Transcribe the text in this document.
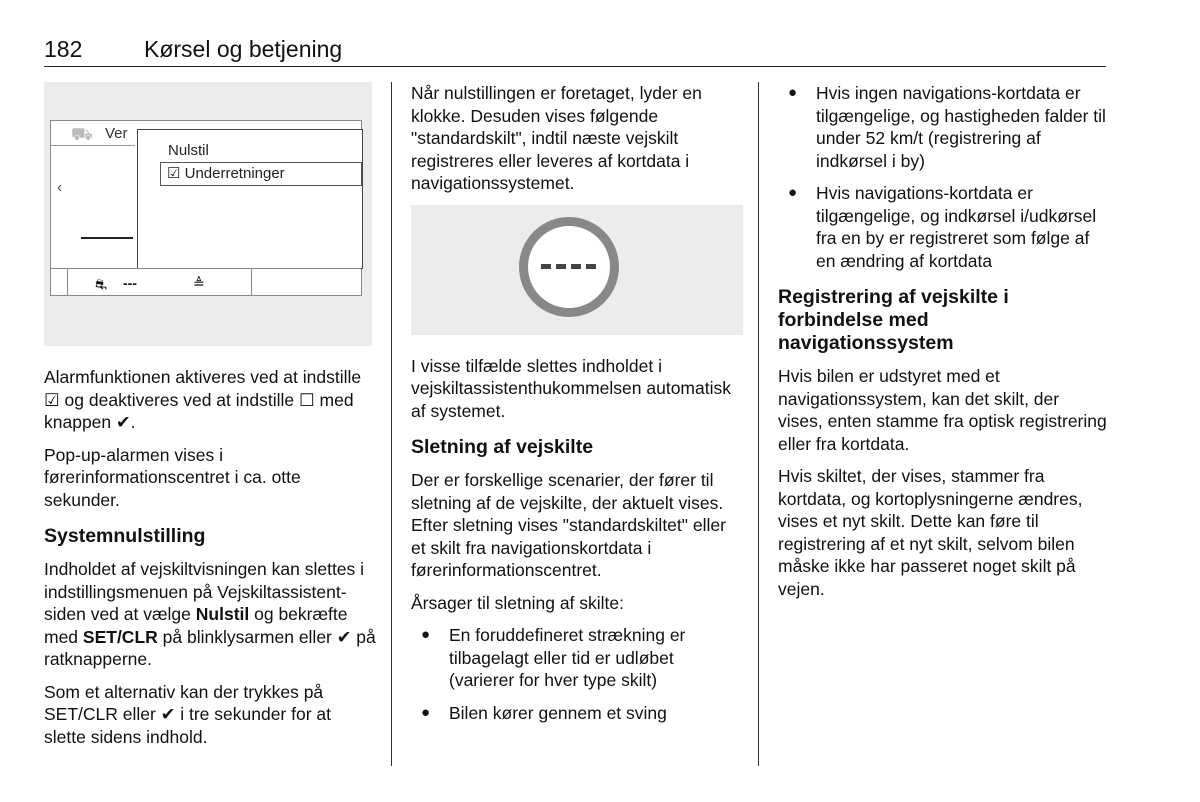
182	Kørsel og betjening
⛟ Ver
‹
Nulstil
☑ Underretninger
⛐ ---	≜

Alarmfunktionen aktiveres ved at indstille ☑ og deaktiveres ved at indstille ☐ med knappen ✔.

Pop-up-alarmen vises i førerinformationscentret i ca. otte sekunder.

Systemnulstilling

Indholdet af vejskiltvisningen kan slettes i indstillingsmenuen på Vejskiltassistent-siden ved at vælge Nulstil og bekræfte med SET/CLR på blinklysarmen eller ✔ på ratknapperne.

Som et alternativ kan der trykkes på SET/CLR eller ✔ i tre sekunder for at slette sidens indhold.

Når nulstillingen er foretaget, lyder en klokke. Desuden vises følgende "standardskilt", indtil næste vejskilt registreres eller leveres af kortdata i navigationssystemet.

I visse tilfælde slettes indholdet i vejskiltassistenthukommelsen automatisk af systemet.

Sletning af vejskilte

Der er forskellige scenarier, der fører til sletning af de vejskilte, der aktuelt vises. Efter sletning vises "standardskiltet" eller et skilt fra navigationskortdata i førerinformationscentret.

Årsager til sletning af skilte:

● En foruddefineret strækning er tilbagelagt eller tid er udløbet (varierer for hver type skilt)
● Bilen kører gennem et sving
● Hvis ingen navigations-kortdata er tilgængelige, og hastigheden falder til under 52 km/t (registrering af indkørsel i by)
● Hvis navigations-kortdata er tilgængelige, og indkørsel i/udkørsel fra en by er registreret som følge af en ændring af kortdata
Registrering af vejskilte i forbindelse med navigationssystem

Hvis bilen er udstyret med et navigationssystem, kan det skilt, der vises, enten stamme fra optisk registrering eller fra kortdata.

Hvis skiltet, der vises, stammer fra kortdata, og kortoplysningerne ændres, vises et nyt skilt. Dette kan føre til registrering af et nyt skilt, selvom bilen måske ikke har passeret noget skilt på vejen.
